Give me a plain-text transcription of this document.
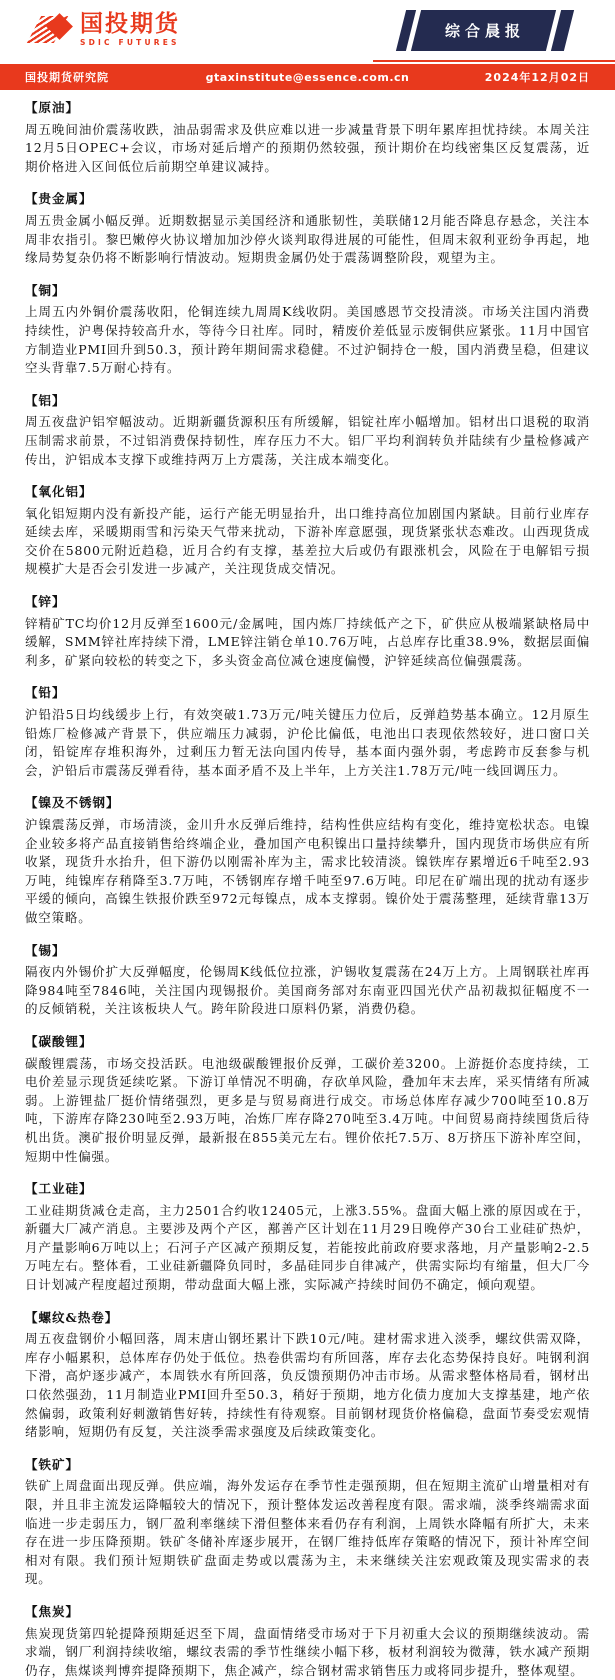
国投期货
SDIC FUTURES
综合晨报
国投期货研究院	gtaxinstitute@essence.com.cn	2024年12月02日
【原油】

周五晚间油价震荡收跌，油品弱需求及供应难以进一步减量背景下明年累库担忧持续。本周关注12月5日OPEC+会议，市场对延后增产的预期仍然较强，预计期价在均线密集区反复震荡，近期价格进入区间低位后前期空单建议减持。

【贵金属】

周五贵金属小幅反弹。近期数据显示美国经济和通胀韧性，美联储12月能否降息存悬念，关注本周非农指引。黎巴嫩停火协议增加加沙停火谈判取得进展的可能性，但周末叙利亚纷争再起，地缘局势复杂仍将不断影响行情波动。短期贵金属仍处于震荡调整阶段，观望为主。

【铜】

上周五内外铜价震荡收阳，伦铜连续九周周K线收阴。美国感恩节交投清淡。市场关注国内消费持续性，沪粤保持较高升水，等待今日社库。同时，精废价差低显示废铜供应紧张。11月中国官方制造业PMI回升到50.3，预计跨年期间需求稳健。不过沪铜持仓一般，国内消费呈稳，但建议空头背靠7.5万耐心持有。

【铝】

周五夜盘沪铝窄幅波动。近期新疆货源积压有所缓解，铝锭社库小幅增加。铝材出口退税的取消压制需求前景，不过铝消费保持韧性，库存压力不大。铝厂平均利润转负并陆续有少量检修减产传出，沪铝成本支撑下或维持两万上方震荡，关注成本端变化。

【氧化铝】

氧化铝短期内没有新投产能，运行产能无明显抬升，出口维持高位加剧国内紧缺。目前行业库存延续去库，采暖期雨雪和污染天气带来扰动，下游补库意愿强，现货紧张状态难改。山西现货成交价在5800元附近趋稳，近月合约有支撑，基差拉大后或仍有跟涨机会，风险在于电解铝亏损规模扩大是否会引发进一步减产，关注现货成交情况。

【锌】

锌精矿TC均价12月反弹至1600元/金属吨，国内炼厂持续低产之下，矿供应从极端紧缺格局中缓解，SMM锌社库持续下滑，LME锌注销仓单10.76万吨，占总库存比重38.9%，数据层面偏利多，矿紧向较松的转变之下，多头资金高位减仓速度偏慢，沪锌延续高位偏强震荡。

【铅】

沪铅沿5日均线缓步上行，有效突破1.73万元/吨关键压力位后，反弹趋势基本确立。12月原生铅炼厂检修减产背景下，供应端压力减弱，沪伦比偏低，电池出口表现依然较好，进口窗口关闭，铅锭库存堆积海外，过剩压力暂无法向国内传导，基本面内强外弱，考虑跨市反套参与机会，沪铅后市震荡反弹看待，基本面矛盾不及上半年，上方关注1.78万元/吨一线回调压力。

【镍及不锈钢】

沪镍震荡反弹，市场清淡，金川升水反弹后维持，结构性供应结构有变化，维持宽松状态。电镍企业较多将产品直接销售给终端企业，叠加国产电积镍出口量持续攀升，国内现货市场供应有所收紧，现货升水抬升，但下游仍以刚需补库为主，需求比较清淡。镍铁库存累增近6千吨至2.93万吨，纯镍库存稍降至3.7万吨，不锈钢库存增千吨至97.6万吨。印尼在矿端出现的扰动有逐步平缓的倾向，高镍生铁报价跌至972元每镍点，成本支撑弱。镍价处于震荡整理，延续背靠13万做空策略。

【锡】

隔夜内外锡价扩大反弹幅度，伦锡周K线低位拉涨，沪锡收复震荡在24万上方。上周钢联社库再降984吨至7846吨，关注国内现锡报价。美国商务部对东南亚四国光伏产品初裁拟征幅度不一的反倾销税，关注该板块人气。跨年阶段进口原料仍紧，消费仍稳。

【碳酸锂】

碳酸锂震荡，市场交投活跃。电池级碳酸锂报价反弹，工碳价差3200。上游挺价态度持续，工电价差显示现货延续吃紧。下游订单情况不明确，存砍单风险，叠加年末去库，采买情绪有所减弱。上游锂盐厂挺价情绪强烈，更多是与贸易商进行成交。市场总体库存减少700吨至10.8万吨，下游库存降230吨至2.93万吨，冶炼厂库存降270吨至3.4万吨。中间贸易商持续囤货后待机出货。澳矿报价明显反弹，最新报在855美元左右。锂价依托7.5万、8万挤压下游补库空间，短期中性偏强。

【工业硅】

工业硅期货减仓走高，主力2501合约收12405元，上涨3.55%。盘面大幅上涨的原因或在于，新疆大厂减产消息。主要涉及两个产区，鄯善产区计划在11月29日晚停产30台工业硅矿热炉，月产量影响6万吨以上；石河子产区减产预期反复，若能按此前政府要求落地，月产量影响2-2.5万吨左右。整体看，工业硅新疆降负同时，多晶硅同步自律减产，供需实际均有缩量，但大厂今日计划减产程度超过预期，带动盘面大幅上涨，实际减产持续时间仍不确定，倾向观望。

【螺纹&热卷】

周五夜盘钢价小幅回落，周末唐山钢坯累计下跌10元/吨。建材需求进入淡季，螺纹供需双降，库存小幅累积，总体库存仍处于低位。热卷供需均有所回落，库存去化态势保持良好。吨钢利润下滑，高炉逐步减产，本周铁水有所回落，负反馈预期仍冲击市场。从需求整体格局看，钢材出口依然强劲，11月制造业PMI回升至50.3，稍好于预期，地方化债力度加大支撑基建，地产依然偏弱，政策利好刺激销售好转，持续性有待观察。目前钢材现货价格偏稳，盘面节奏受宏观情绪影响，短期仍有反复，关注淡季需求强度及后续政策变化。

【铁矿】

铁矿上周盘面出现反弹。供应端，海外发运存在季节性走强预期，但在短期主流矿山增量相对有限，并且非主流发运降幅较大的情况下，预计整体发运改善程度有限。需求端，淡季终端需求面临进一步走弱压力，钢厂盈利率继续下滑但整体来看仍存有利润，上周铁水降幅有所扩大，未来存在进一步压降预期。铁矿冬储补库逐步展开，在钢厂维持低库存策略的情况下，预计补库空间相对有限。我们预计短期铁矿盘面走势或以震荡为主，未来继续关注宏观政策及现实需求的表现。

【焦炭】

焦炭现货第四轮提降预期延迟至下周，盘面情绪受市场对于下月初重大会议的预期继续波动。需求端，钢厂利润持续收缩，螺纹表需的季节性继续小幅下移，板材利润较为微薄，铁水减产预期仍存，焦煤谈判博弈提降预期下，焦企减产，综合钢材需求销售压力或将同步提升，整体观望。
